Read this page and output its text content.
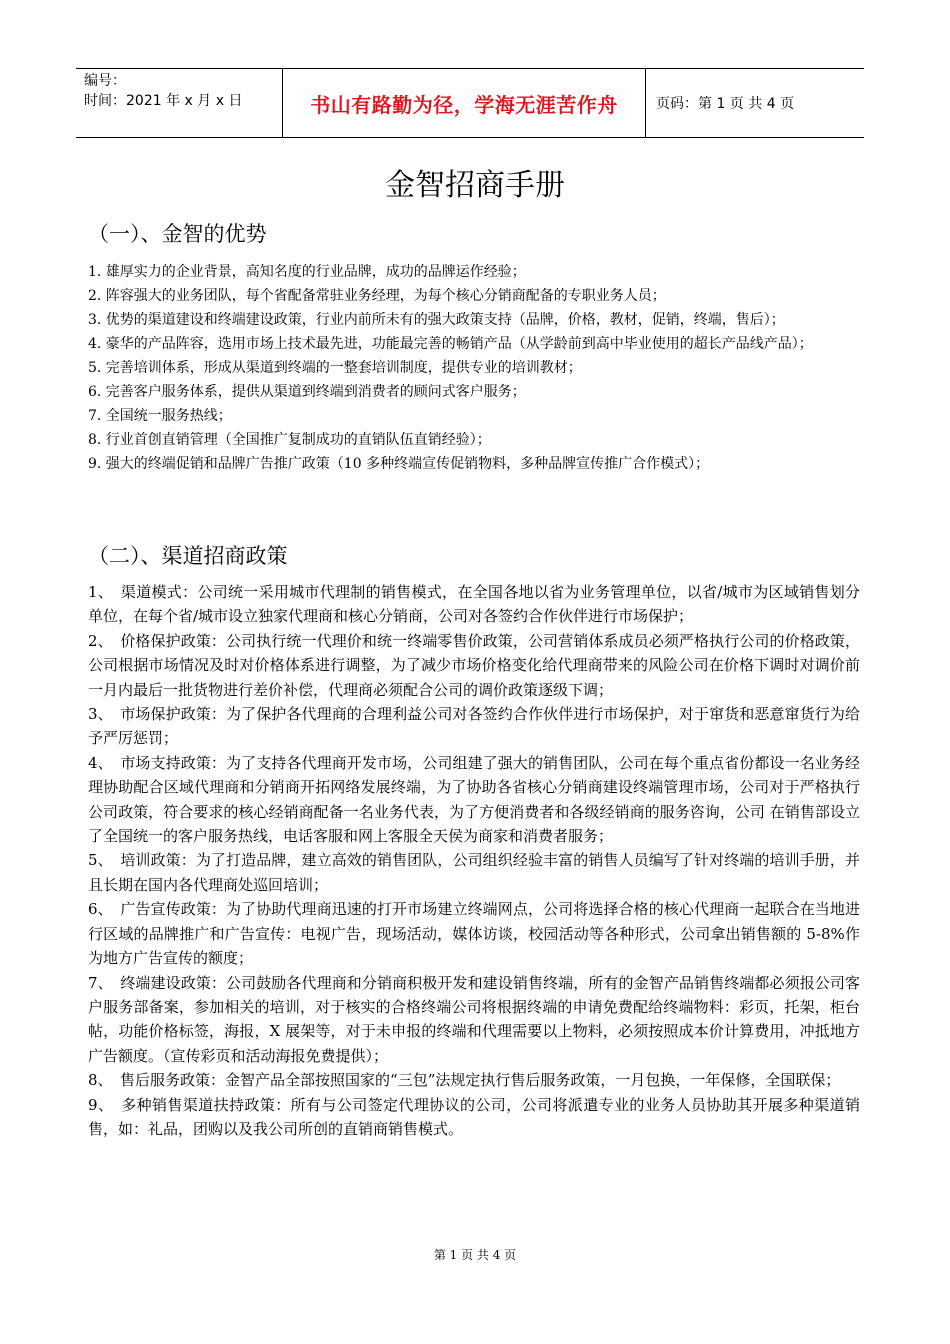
编号：
时间：2021 年 x 月 x 日	书山有路勤为径，学海无涯苦作舟	页码：第 1 页 共 4 页
金智招商手册
（一）、金智的优势
1. 雄厚实力的企业背景，高知名度的行业品牌，成功的品牌运作经验；
2. 阵容强大的业务团队，每个省配备常驻业务经理，为每个核心分销商配备的专职业务人员；
3. 优势的渠道建设和终端建设政策，行业内前所未有的强大政策支持（品牌，价格，教材，促销，终端，售后）；
4. 豪华的产品阵容，选用市场上技术最先进，功能最完善的畅销产品（从学龄前到高中毕业使用的超长产品线产品）；
5. 完善培训体系，形成从渠道到终端的一整套培训制度，提供专业的培训教材；
6. 完善客户服务体系，提供从渠道到终端到消费者的顾问式客户服务；
7. 全国统一服务热线；
8. 行业首创直销管理（全国推广复制成功的直销队伍直销经验）；
9. 强大的终端促销和品牌广告推广政策（10 多种终端宣传促销物料，多种品牌宣传推广合作模式）；
（二）、渠道招商政策
1、　渠道模式：公司统一采用城市代理制的销售模式，在全国各地以省为业务管理单位，以省/城市为区域销售划分单位，在每个省/城市设立独家代理商和核心分销商，公司对各签约合作伙伴进行市场保护；
2、　价格保护政策：公司执行统一代理价和统一终端零售价政策，公司营销体系成员必须严格执行公司的价格政策，公司根据市场情况及时对价格体系进行调整，为了减少市场价格变化给代理商带来的风险公司在价格下调时对调价前一月内最后一批货物进行差价补偿，代理商必须配合公司的调价政策逐级下调；
3、　市场保护政策：为了保护各代理商的合理利益公司对各签约合作伙伴进行市场保护，对于窜货和恶意窜货行为给予严厉惩罚；
4、　市场支持政策：为了支持各代理商开发市场，公司组建了强大的销售团队，公司在每个重点省份都设一名业务经理协助配合区域代理商和分销商开拓网络发展终端，为了协助各省核心分销商建设终端管理市场，公司对于严格执行公司政策，符合要求的核心经销商配备一名业务代表，为了方便消费者和各级经销商的服务咨询，公司 在销售部设立了全国统一的客户服务热线，电话客服和网上客服全天侯为商家和消费者服务；
5、　培训政策：为了打造品牌，建立高效的销售团队，公司组织经验丰富的销售人员编写了针对终端的培训手册，并且长期在国内各代理商处巡回培训；
6、　广告宣传政策：为了协助代理商迅速的打开市场建立终端网点，公司将选择合格的核心代理商一起联合在当地进行区域的品牌推广和广告宣传：电视广告，现场活动，媒体访谈，校园活动等各种形式，公司拿出销售额的 5-8%作为地方广告宣传的额度；
7、　终端建设政策：公司鼓励各代理商和分销商积极开发和建设销售终端，所有的金智产品销售终端都必须报公司客户服务部备案，参加相关的培训，对于核实的合格终端公司将根据终端的申请免费配给终端物料：彩页，托架，柜台帖，功能价格标签，海报，X 展架等，对于未申报的终端和代理需要以上物料，必须按照成本价计算费用，冲抵地方广告额度。（宣传彩页和活动海报免费提供）；
8、　售后服务政策：金智产品全部按照国家的“三包”法规定执行售后服务政策，一月包换，一年保修，全国联保；
9、　多种销售渠道扶持政策：所有与公司签定代理协议的公司，公司将派遣专业的业务人员协助其开展多种渠道销售，如：礼品，团购以及我公司所创的直销商销售模式。
第 1 页 共 4 页
